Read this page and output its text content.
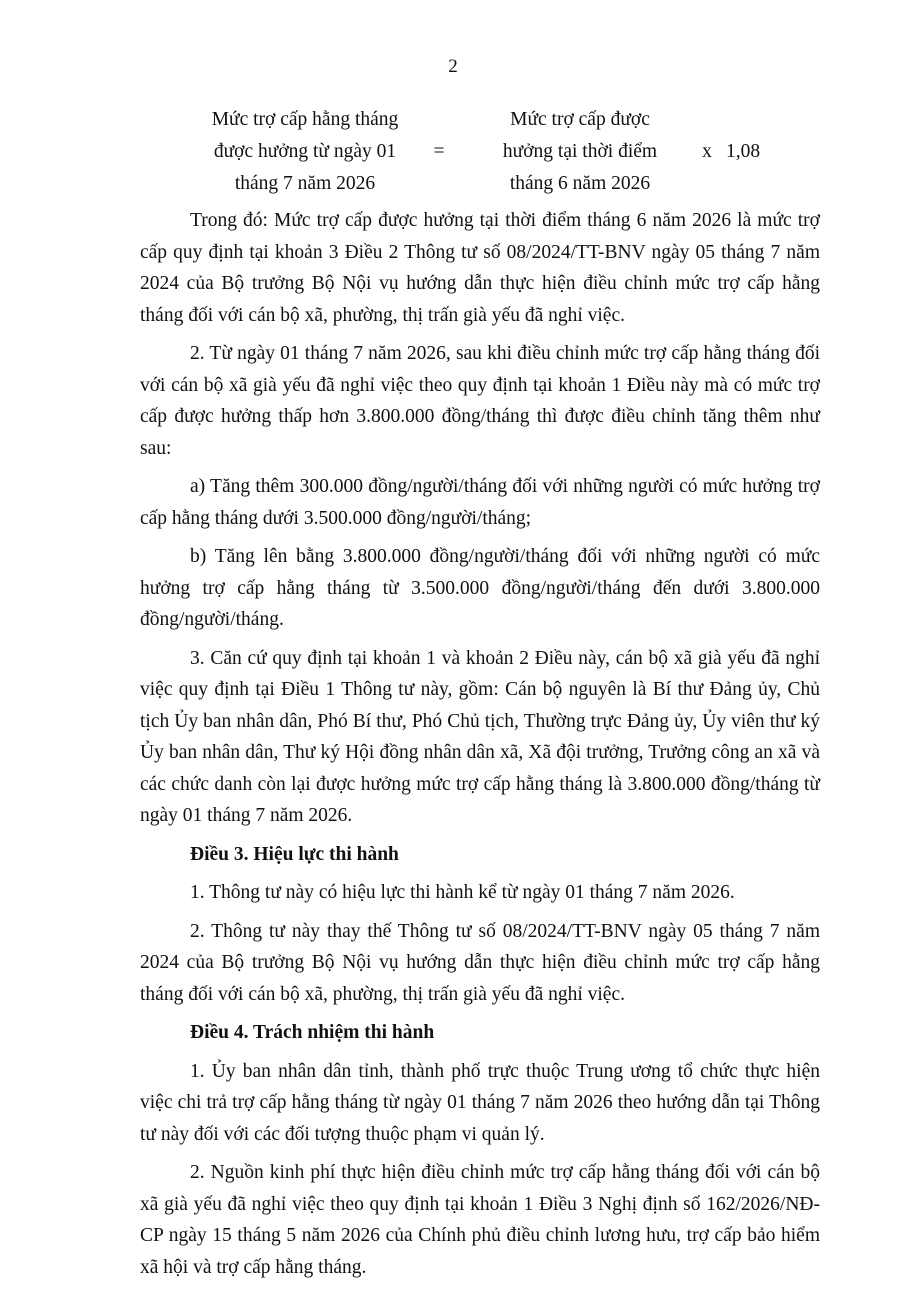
2
Mức trợ cấp hằng tháng
được hưởng từ ngày 01
tháng 7 năm 2026
=
Mức trợ cấp được
hưởng tại thời điểm
tháng 6 năm 2026
x 1,08

Trong đó: Mức trợ cấp được hưởng tại thời điểm tháng 6 năm 2026 là mức trợ cấp quy định tại khoản 3 Điều 2 Thông tư số 08/2024/TT-BNV ngày 05 tháng 7 năm 2024 của Bộ trưởng Bộ Nội vụ hướng dẫn thực hiện điều chỉnh mức trợ cấp hằng tháng đối với cán bộ xã, phường, thị trấn già yếu đã nghỉ việc.

2. Từ ngày 01 tháng 7 năm 2026, sau khi điều chỉnh mức trợ cấp hằng tháng đối với cán bộ xã già yếu đã nghỉ việc theo quy định tại khoản 1 Điều này mà có mức trợ cấp được hưởng thấp hơn 3.800.000 đồng/tháng thì được điều chỉnh tăng thêm như sau:

a) Tăng thêm 300.000 đồng/người/tháng đối với những người có mức hưởng trợ cấp hằng tháng dưới 3.500.000 đồng/người/tháng;

b) Tăng lên bằng 3.800.000 đồng/người/tháng đối với những người có mức hưởng trợ cấp hằng tháng từ 3.500.000 đồng/người/tháng đến dưới 3.800.000 đồng/người/tháng.

3. Căn cứ quy định tại khoản 1 và khoản 2 Điều này, cán bộ xã già yếu đã nghỉ việc quy định tại Điều 1 Thông tư này, gồm: Cán bộ nguyên là Bí thư Đảng ủy, Chủ tịch Ủy ban nhân dân, Phó Bí thư, Phó Chủ tịch, Thường trực Đảng ủy, Ủy viên thư ký Ủy ban nhân dân, Thư ký Hội đồng nhân dân xã, Xã đội trưởng, Trưởng công an xã và các chức danh còn lại được hưởng mức trợ cấp hằng tháng là 3.800.000 đồng/tháng từ ngày 01 tháng 7 năm 2026.

Điều 3. Hiệu lực thi hành

1. Thông tư này có hiệu lực thi hành kể từ ngày 01 tháng 7 năm 2026.

2. Thông tư này thay thế Thông tư số 08/2024/TT-BNV ngày 05 tháng 7 năm 2024 của Bộ trưởng Bộ Nội vụ hướng dẫn thực hiện điều chỉnh mức trợ cấp hằng tháng đối với cán bộ xã, phường, thị trấn già yếu đã nghỉ việc.

Điều 4. Trách nhiệm thi hành

1. Ủy ban nhân dân tỉnh, thành phố trực thuộc Trung ương tổ chức thực hiện việc chi trả trợ cấp hằng tháng từ ngày 01 tháng 7 năm 2026 theo hướng dẫn tại Thông tư này đối với các đối tượng thuộc phạm vi quản lý.

2. Nguồn kinh phí thực hiện điều chỉnh mức trợ cấp hằng tháng đối với cán bộ xã già yếu đã nghỉ việc theo quy định tại khoản 1 Điều 3 Nghị định số 162/2026/NĐ-CP ngày 15 tháng 5 năm 2026 của Chính phủ điều chỉnh lương hưu, trợ cấp bảo hiểm xã hội và trợ cấp hằng tháng.
